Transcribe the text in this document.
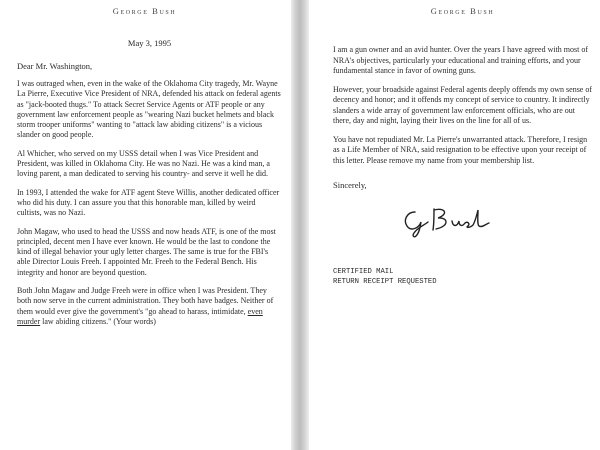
George Bush
May 3, 1995
Dear Mr. Washington,

I was outraged when, even in the wake of the Oklahoma City tragedy, Mr. Wayne La Pierre, Executive Vice President of NRA, defended his attack on federal agents as "jack-booted thugs." To attack Secret Service Agents or ATF people or any government law enforcement people as "wearing Nazi bucket helmets and black storm trooper uniforms" wanting to "attack law abiding citizens" is a vicious slander on good people.

Al Whicher, who served on my USSS detail when I was Vice President and President, was killed in Oklahoma City. He was no Nazi. He was a kind man, a loving parent, a man dedicated to serving his country- and serve it well he did.

In 1993, I attended the wake for ATF agent Steve Willis, another dedicated officer who did his duty. I can assure you that this honorable man, killed by weird cultists, was no Nazi.

John Magaw, who used to head the USSS and now heads ATF, is one of the most principled, decent men I have ever known. He would be the last to condone the kind of illegal behavior your ugly letter charges. The same is true for the FBI's able Director Louis Freeh. I appointed Mr. Freeh to the Federal Bench. His integrity and honor are beyond question.

Both John Magaw and Judge Freeh were in office when I was President. They both now serve in the current administration. They both have badges. Neither of them would ever give the government's "go ahead to harass, intimidate, even murder law abiding citizens." (Your words)

George Bush

I am a gun owner and an avid hunter. Over the years I have agreed with most of NRA's objectives, particularly your educational and training efforts, and your fundamental stance in favor of owning guns.

However, your broadside against Federal agents deeply offends my own sense of decency and honor; and it offends my concept of service to country. It indirectly slanders a wide array of government law enforcement officials, who are out there, day and night, laying their lives on the line for all of us.

You have not repudiated Mr. La Pierre's unwarranted attack. Therefore, I resign as a Life Member of NRA, said resignation to be effective upon your receipt of this letter. Please remove my name from your membership list.

Sincerely,
CERTIFIED MAIL
RETURN RECEIPT REQUESTED
